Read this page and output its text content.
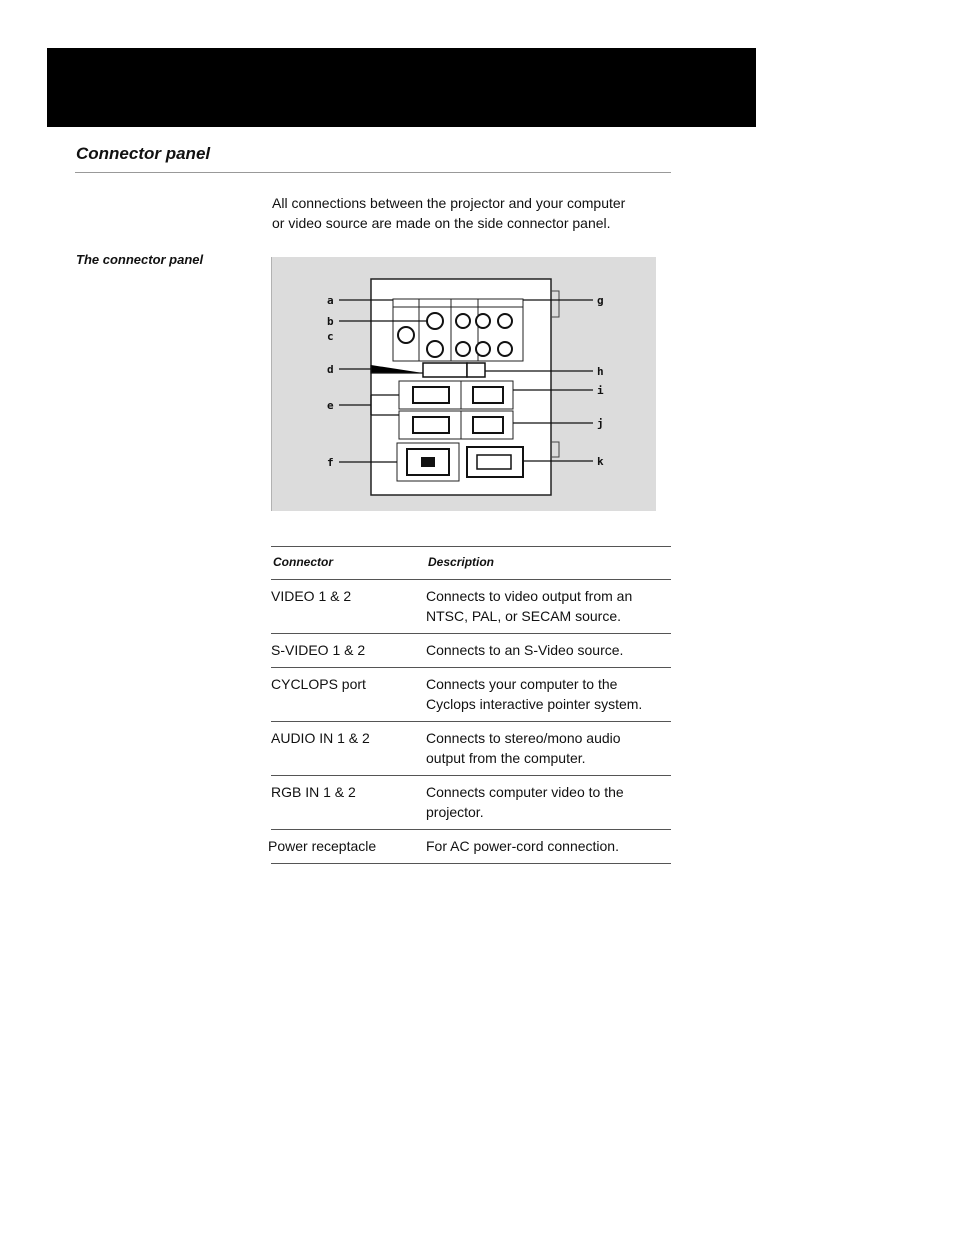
13
Connector panel

All connections between the projector and your computer

or video source are made on the side connector panel.

The connector panel
a
b
c
d
e
f
g
h
i
j
k
Connector	Description
VIDEO 1 & 2	Connects to video output from an
NTSC, PAL, or SECAM source.

S-VIDEO 1 & 2	Connects to an S-Video source.

CYCLOPS port	Connects your computer to the
Cyclops interactive pointer system.

AUDIO IN 1 & 2	Connects to stereo/mono audio
output from the computer.

RGB IN 1 & 2	Connects computer video to the
projector.

Power receptacle	For AC power-cord connection.
